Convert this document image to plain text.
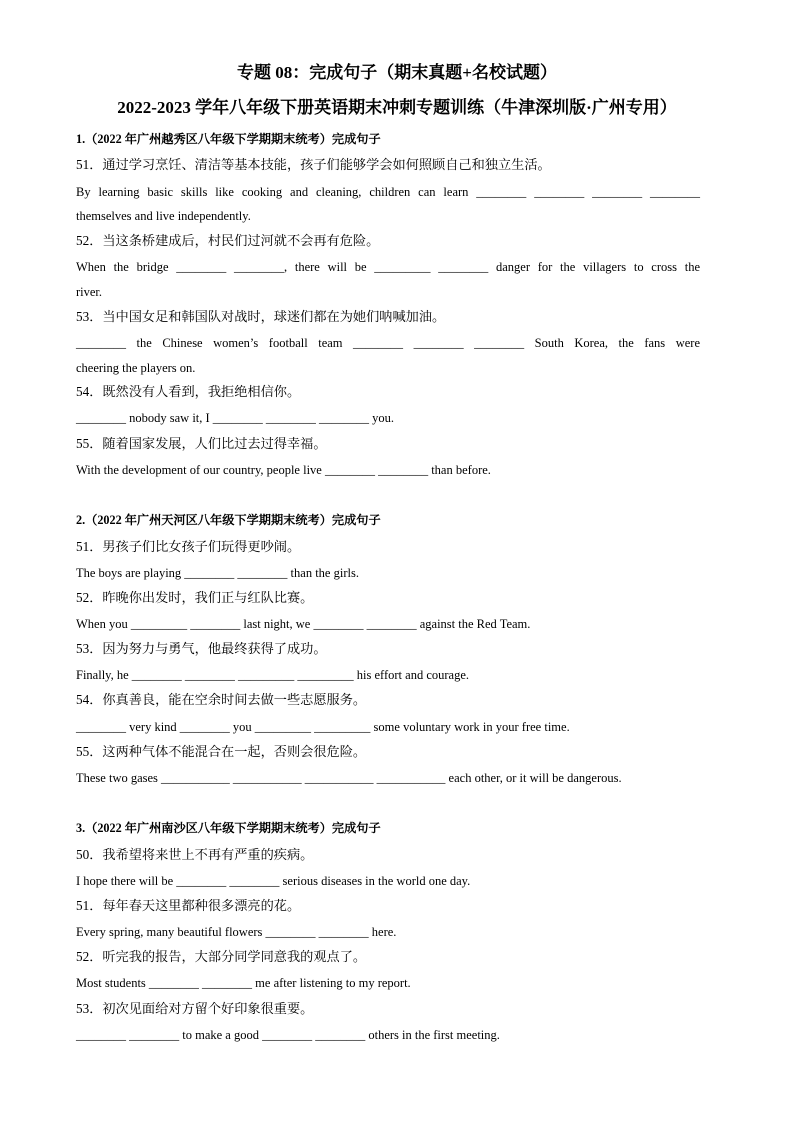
专题 08：完成句子（期末真题+名校试题）
2022-2023 学年八年级下册英语期末冲刺专题训练（牛津深圳版·广州专用）
1.（2022 年广州越秀区八年级下学期期末统考）完成句子
51．通过学习烹饪、清洁等基本技能，孩子们能够学会如何照顾自己和独立生活。
By learning basic skills like cooking and cleaning, children can learn ________ ________ ________ ________
themselves and live independently.
52．当这条桥建成后，村民们过河就不会再有危险。
When the bridge ________ ________, there will be _________ ________ danger for the villagers to cross the
river.
53．当中国女足和韩国队对战时，球迷们都在为她们呐喊加油。
________ the Chinese women’s football team ________ ________ ________ South Korea, the fans were
cheering the players on.
54．既然没有人看到，我拒绝相信你。
________ nobody saw it, I ________ ________ ________ you.
55．随着国家发展，人们比过去过得幸福。
With the development of our country, people live ________ ________ than before.
2.（2022 年广州天河区八年级下学期期末统考）完成句子
51．男孩子们比女孩子们玩得更吵闹。
The boys are playing ________ ________ than the girls.
52．昨晚你出发时，我们正与红队比赛。
When you _________ ________ last night, we ________ ________ against the Red Team.
53．因为努力与勇气，他最终获得了成功。
Finally, he ________ ________ _________ _________ his effort and courage.
54．你真善良，能在空余时间去做一些志愿服务。
________ very kind ________ you _________ _________ some voluntary work in your free time.
55．这两种气体不能混合在一起，否则会很危险。
These two gases ___________ ___________ ___________ ___________ each other, or it will be dangerous.
3.（2022 年广州南沙区八年级下学期期末统考）完成句子
50．我希望将来世上不再有严重的疾病。
I hope there will be ________ ________ serious diseases in the world one day.
51．每年春天这里都种很多漂亮的花。
Every spring, many beautiful flowers ________ ________ here.
52．听完我的报告，大部分同学同意我的观点了。
Most students ________ ________ me after listening to my report.
53．初次见面给对方留个好印象很重要。
________ ________ to make a good ________ ________ others in the first meeting.
